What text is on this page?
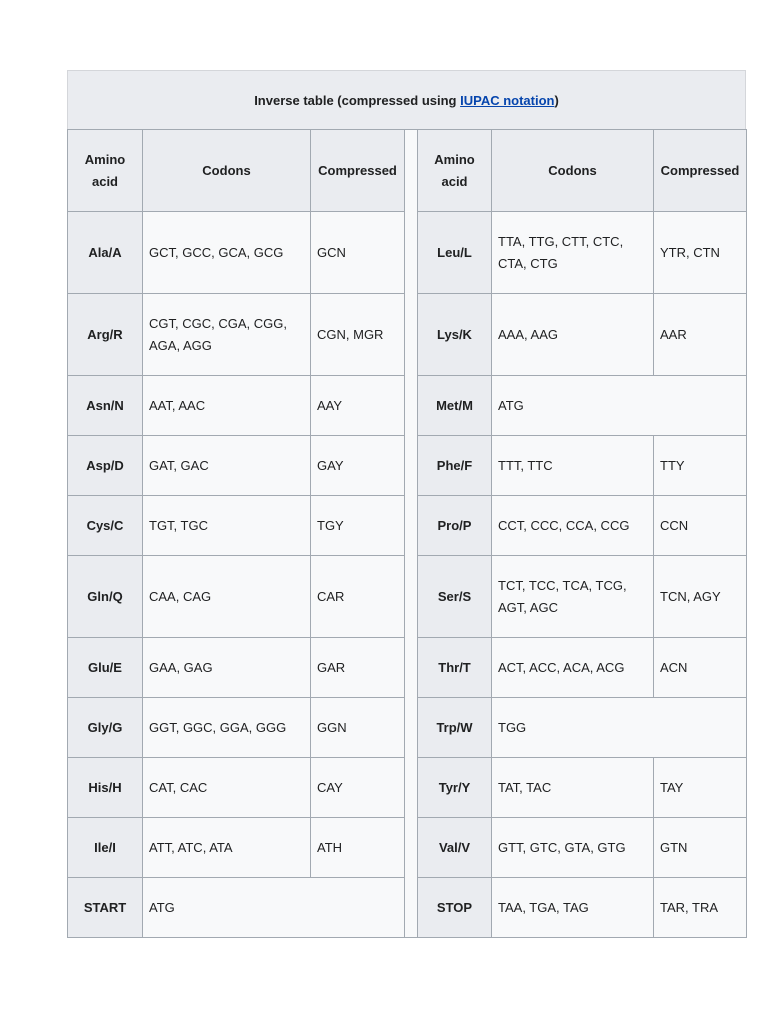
Inverse table (compressed using
IUPAC notation )
Amino acid	Codons	Compressed		Amino acid	Codons	Compressed
Ala/A	GCT, GCC, GCA, GCG	GCN		Leu/L	TTA, TTG, CTT, CTC, CTA, CTG	YTR, CTN
Arg/R	CGT, CGC, CGA, CGG, AGA, AGG	CGN, MGR		Lys/K	AAA, AAG	AAR
Asn/N	AAT, AAC	AAY		Met/M	ATG	
Asp/D	GAT, GAC	GAY		Phe/F	TTT, TTC	TTY
Cys/C	TGT, TGC	TGY		Pro/P	CCT, CCC, CCA, CCG	CCN
Gln/Q	CAA, CAG	CAR		Ser/S	TCT, TCC, TCA, TCG, AGT, AGC	TCN, AGY
Glu/E	GAA, GAG	GAR		Thr/T	ACT, ACC, ACA, ACG	ACN
Gly/G	GGT, GGC, GGA, GGG	GGN		Trp/W	TGG	
His/H	CAT, CAC	CAY		Tyr/Y	TAT, TAC	TAY
Ile/I	ATT, ATC, ATA	ATH		Val/V	GTT, GTC, GTA, GTG	GTN
START	ATG			STOP	TAA, TGA, TAG	TAR, TRA
